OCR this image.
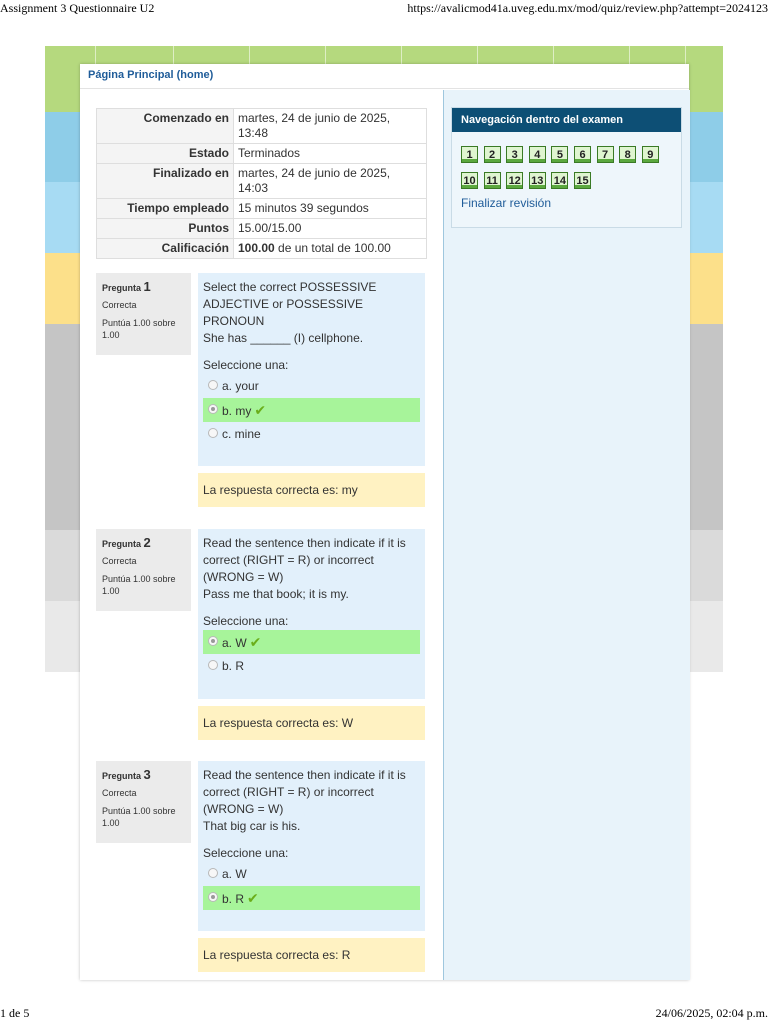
Assignment 3 Questionnaire U2	https://avalicmod41a.uveg.edu.mx/mod/quiz/review.php?attempt=2024123
Página Principal (home)
Comenzado en	martes, 24 de junio de 2025, 13:48
Estado	Terminados
Finalizado en	martes, 24 de junio de 2025, 14:03
Tiempo empleado	15 minutos 39 segundos
Puntos	15.00/15.00
Calificación	100.00 de un total de 100.00
Navegación dentro del examen
1	2	3	4	5	6	7	8	9
10 11 12 13 14 15
Finalizar revisión
Pregunta 1
Correcta
Puntúa 1.00 sobre 1.00
Select the correct POSSESSIVE
ADJECTIVE or POSSESSIVE
PRONOUN
She has ______ (I) cellphone.
Seleccione una:
a. your
b. my ✔
c. mine
La respuesta correcta es: my
Pregunta 2
Correcta
Puntúa 1.00 sobre 1.00
Read the sentence then indicate if it is
correct (RIGHT = R) or incorrect
(WRONG = W)
Pass me that book; it is my.
Seleccione una:
a. W ✔
b. R
La respuesta correcta es: W
Pregunta 3
Correcta
Puntúa 1.00 sobre 1.00
Read the sentence then indicate if it is
correct (RIGHT = R) or incorrect
(WRONG = W)
That big car is his.
Seleccione una:
a. W
b. R ✔
La respuesta correcta es: R
1 de 5	24/06/2025, 02:04 p.m.
